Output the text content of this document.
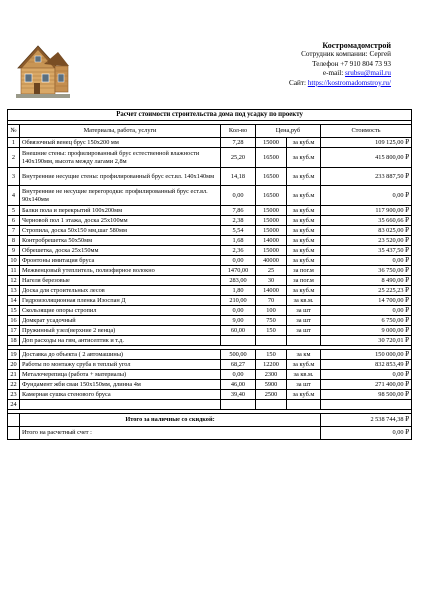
Костромадомстрой
Сотрудник компании: Сергей
Телефон +7 910 804 73 93
e-mail: srubsu@mail.ru
Сайт: https://kostromadomstroy.ru/
Расчет стоимости строительства дома под усадку по проекту					

№	Материалы, работа, услуги	Кол-во	Цена,руб		Стоимость
1	Обвязочный венец брус 150х200 мм	7,28	15000	за куб.м	109 125,00 ₽
2	Внешние стены: профилированный брус естественной влажности 140х190мм, высота между лагами 2,8м	25,20	16500	за куб.м	415 800,00 ₽
3	Внутренние несущие стены: профилированный брус ест.вл. 140х140мм	14,18	16500	за куб.м	233 887,50 ₽
4	Внутренние не несущие перегородки: профилированный брус ест.вл. 90х140мм	0,00	16500	за куб.м	0,00 ₽
5	Балки пола и перекрытий 100х200мм	7,86	15000	за куб.м	117 900,00 ₽
6	Черновой пол 1 этажа, доска 25х100мм	2,38	15000	за куб.м	35 660,66 ₽
7	Стропила, доска 50х150 мм,шаг 580мм	5,54	15000	за куб.м	83 025,00 ₽
8	Контробрешетка 50х50мм	1,68	14000	за куб.м	23 520,00 ₽
9	Обрешетка, доска 25х150мм	2,36	15000	за куб.м	35 437,50 ₽
10	Фронтоны имитация бруса	0,00	40000	за куб.м	0,00 ₽
11	Межвенцовый утеплитель, полиэфирное волокно	1470,00	25	за пог.м	36 750,00 ₽
12	Нагеля березовые	283,00	30	за пог.м	8 490,00 ₽
13	Доска для строительных лесов	1,80	14000	за куб.м	25 225,23 ₽
14	Гидроизоляционная пленка Изоспан Д	210,00	70	за кв.м.	14 700,00 ₽
15	Скользящие опоры стропил	0,00	100	за шт	0,00 ₽
16	Домкрат усадочный	9,00	750	за шт	6 750,00 ₽
17	Пружинный узел(верхние 2 венца)	60,00	150	за шт	9 000,00 ₽
18	Доп расходы на гвм, антисептик и т.д.				30 720,01 ₽

19	Доставка до объекта ( 2 автомашины)	500,00	150	за км	150 000,00 ₽
20	Работы по монтажу сруба в теплый угол	68,27	12200	за куб.м	832 853,49 ₽
21	Металочерепица (работа + материалы)	0,00	2300	за кв.м.	0,00 ₽
22	Фундамент жби сваи 150х150мм, длинна 4м	46,00	5900	за шт	271 400,00 ₽
23	Камерная сушка стенового бруса	39,40	2500	за куб.м	98 500,00 ₽
24					

	Итого за наличные со скидкой:				2 538 744,38 ₽
	Итого на расчетный счет :				0,00 ₽
